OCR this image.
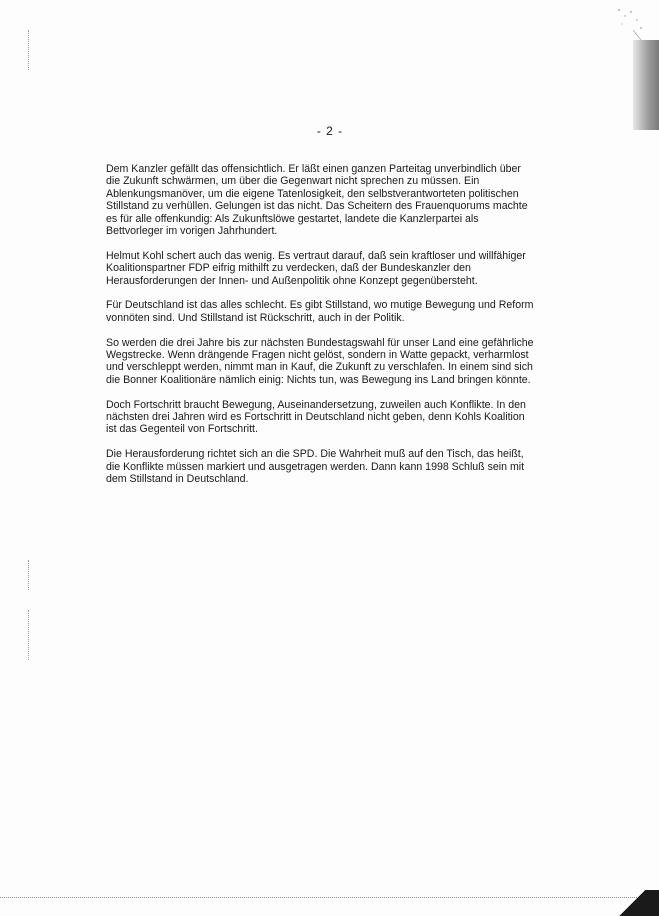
- 2 -

Dem Kanzler gefällt das offensichtlich. Er läßt einen ganzen Parteitag unverbindlich über die Zukunft schwärmen, um über die Gegenwart nicht sprechen zu müssen. Ein Ablenkungsmanöver, um die eigene Tatenlosigkeit, den selbstverantworteten politischen Stillstand zu verhüllen. Gelungen ist das nicht. Das Scheitern des Frauenquorums machte es für alle offenkundig: Als Zukunftslöwe gestartet, landete die Kanzlerpartei als Bettvorleger im vorigen Jahrhundert.

Helmut Kohl schert auch das wenig. Es vertraut darauf, daß sein kraftloser und willfähiger Koalitionspartner FDP eifrig mithilft zu verdecken, daß der Bundeskanzler den Herausforderungen der Innen- und Außenpolitik ohne Konzept gegenübersteht.

Für Deutschland ist das alles schlecht. Es gibt Stillstand, wo mutige Bewegung und Reform vonnöten sind. Und Stillstand ist Rückschritt, auch in der Politik.

So werden die drei Jahre bis zur nächsten Bundestagswahl für unser Land eine gefährliche Wegstrecke. Wenn drängende Fragen nicht gelöst, sondern in Watte gepackt, verharmlost und verschleppt werden, nimmt man in Kauf, die Zukunft zu verschlafen. In einem sind sich die Bonner Koalitionäre nämlich einig: Nichts tun, was Bewegung ins Land bringen könnte.

Doch Fortschritt braucht Bewegung, Auseinandersetzung, zuweilen auch Konflikte. In den nächsten drei Jahren wird es Fortschritt in Deutschland nicht geben, denn Kohls Koalition ist das Gegenteil von Fortschritt.

Die Herausforderung richtet sich an die SPD. Die Wahrheit muß auf den Tisch, das heißt, die Konflikte müssen markiert und ausgetragen werden. Dann kann 1998 Schluß sein mit dem Stillstand in Deutschland.
